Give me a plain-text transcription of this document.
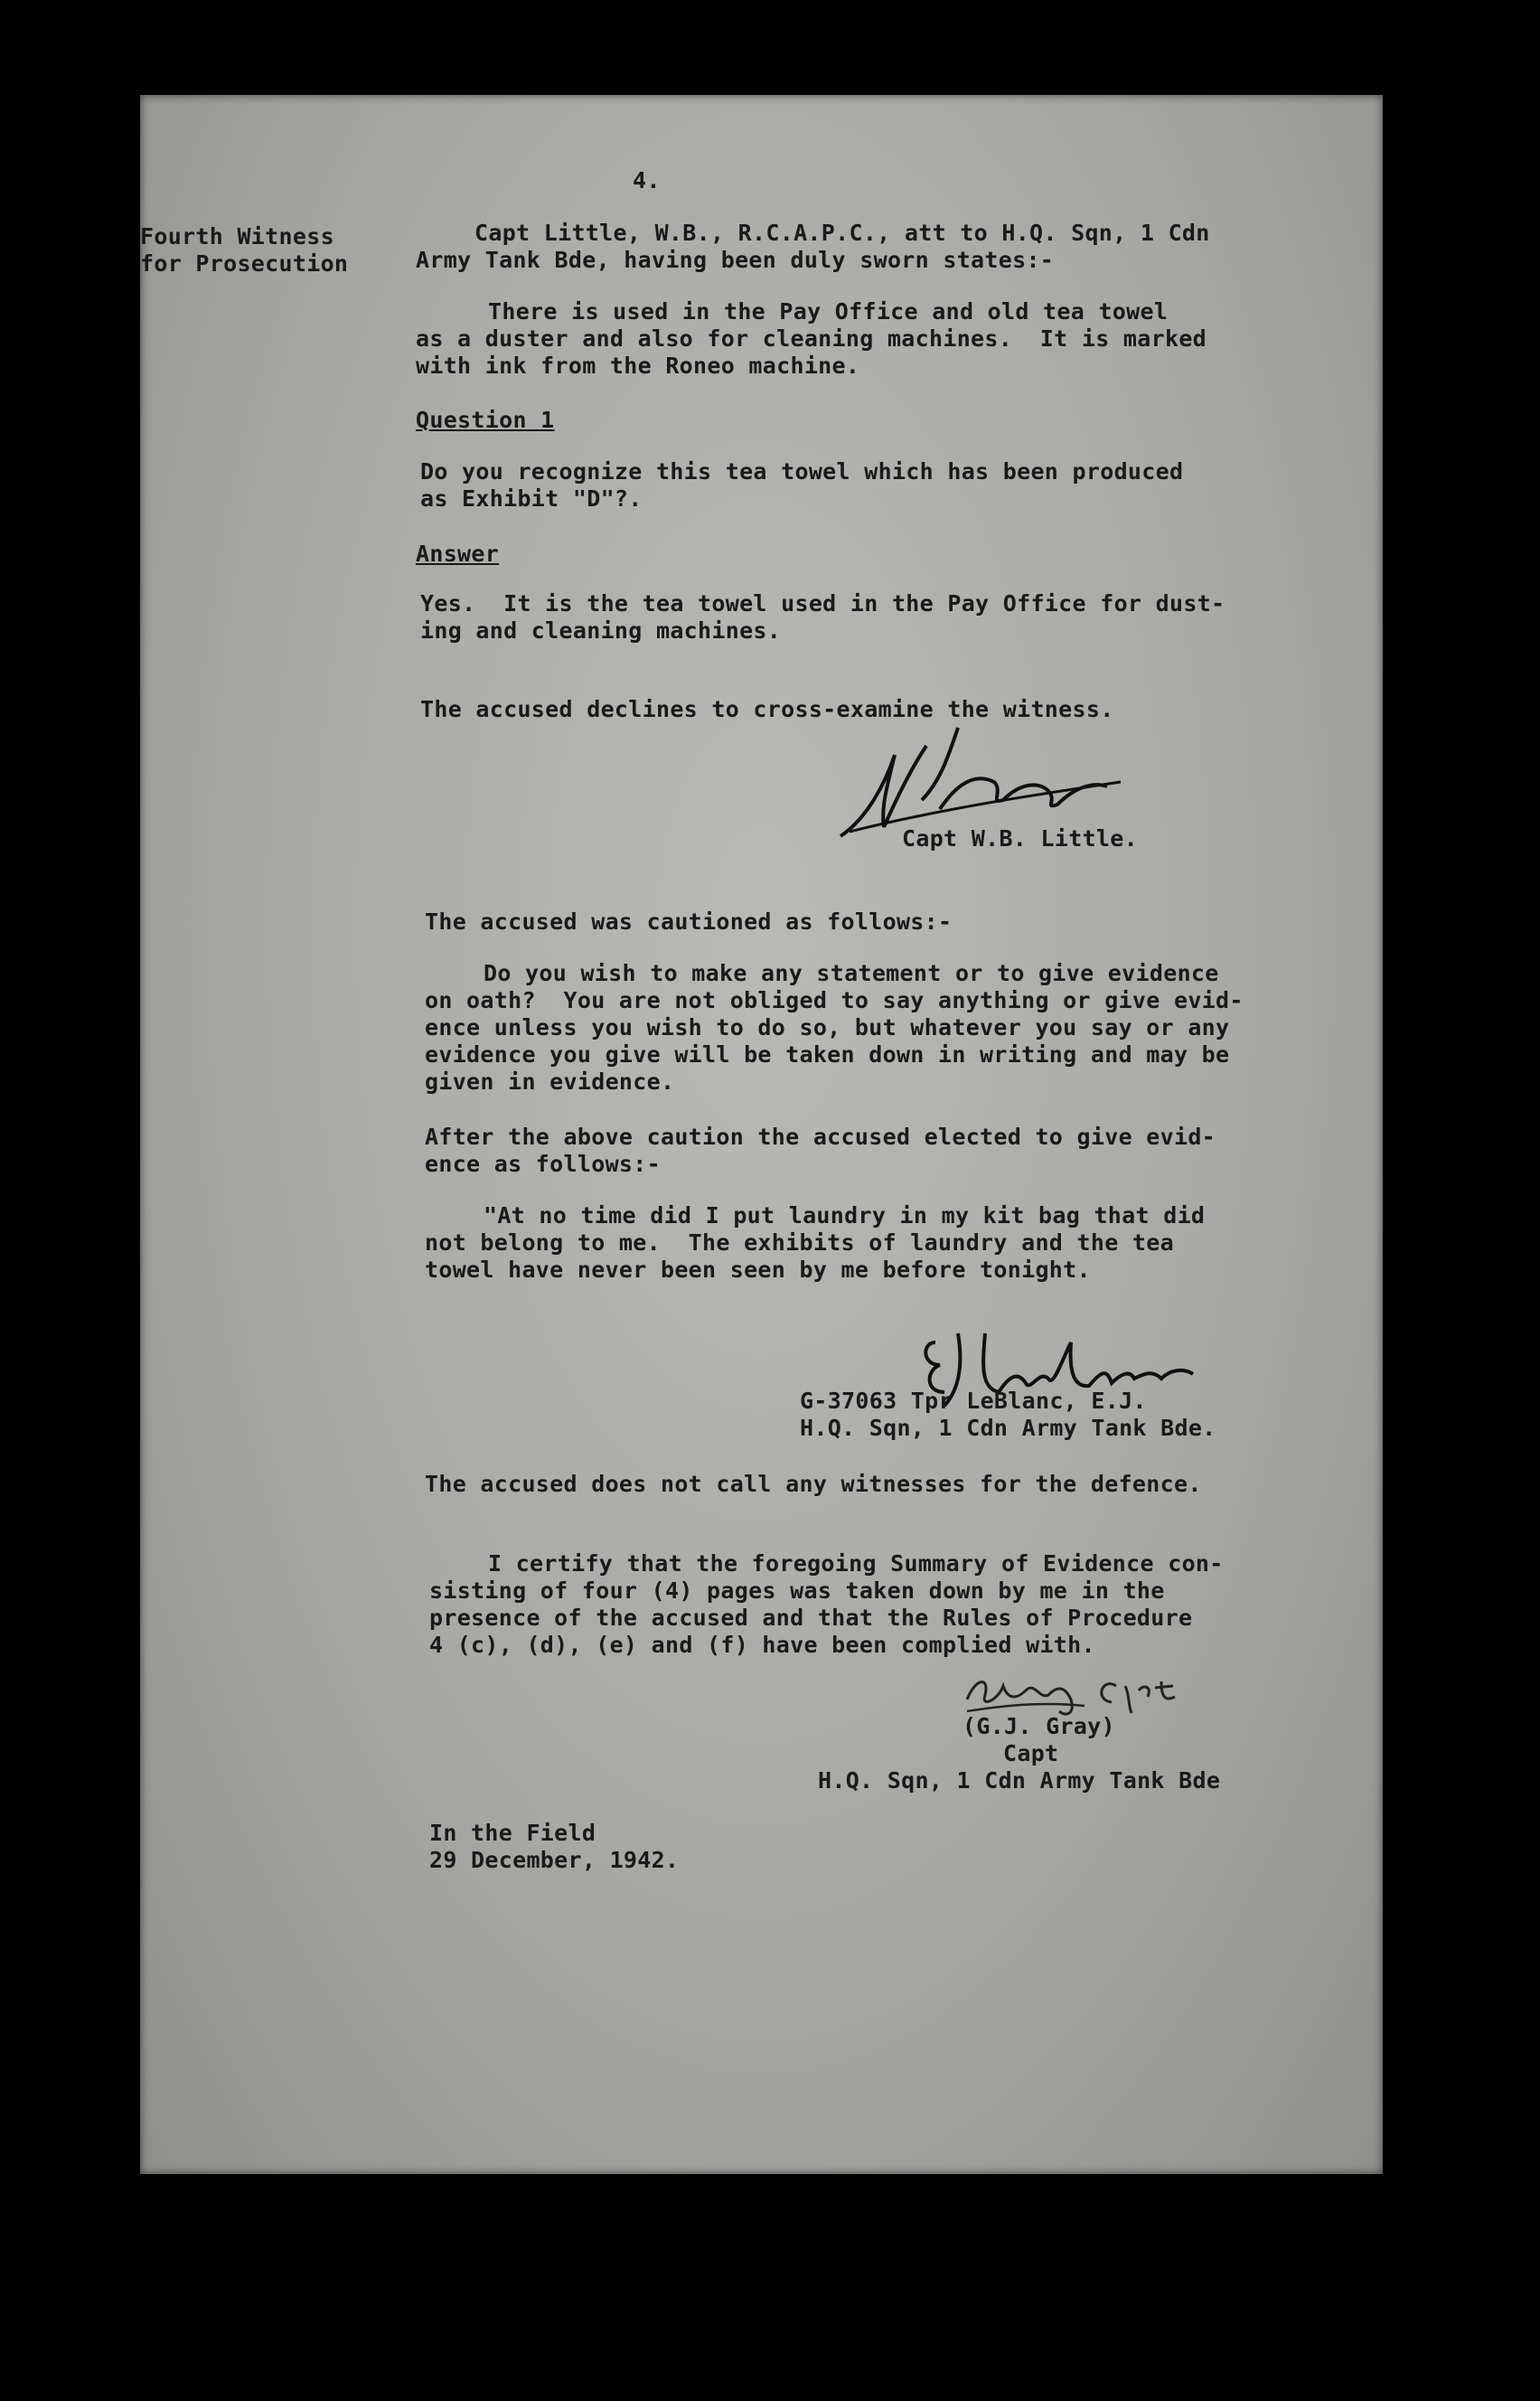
4.
Fourth Witness
for Prosecution
Capt Little, W.B., R.C.A.P.C., att to H.Q. Sqn, 1 Cdn
Army Tank Bde, having been duly sworn states:-
There is used in the Pay Office and old tea towel
as a duster and also for cleaning machines.  It is marked
with ink from the Roneo machine.
Question 1
Do you recognize this tea towel which has been produced
as Exhibit "D"?.
Answer
Yes.  It is the tea towel used in the Pay Office for dust-
ing and cleaning machines.
The accused declines to cross-examine the witness.
Capt W.B. Little.
The accused was cautioned as follows:-
Do you wish to make any statement or to give evidence
on oath?  You are not obliged to say anything or give evid-
ence unless you wish to do so, but whatever you say or any
evidence you give will be taken down in writing and may be
given in evidence.
After the above caution the accused elected to give evid-
ence as follows:-
"At no time did I put laundry in my kit bag that did
not belong to me.  The exhibits of laundry and the tea
towel have never been seen by me before tonight.
G-37063 Tpr LeBlanc, E.J.
H.Q. Sqn, 1 Cdn Army Tank Bde.
The accused does not call any witnesses for the defence.
I certify that the foregoing Summary of Evidence con-
sisting of four (4) pages was taken down by me in the
presence of the accused and that the Rules of Procedure
4 (c), (d), (e) and (f) have been complied with.
(G.J. Gray)
Capt
H.Q. Sqn, 1 Cdn Army Tank Bde
In the Field
29 December, 1942.
